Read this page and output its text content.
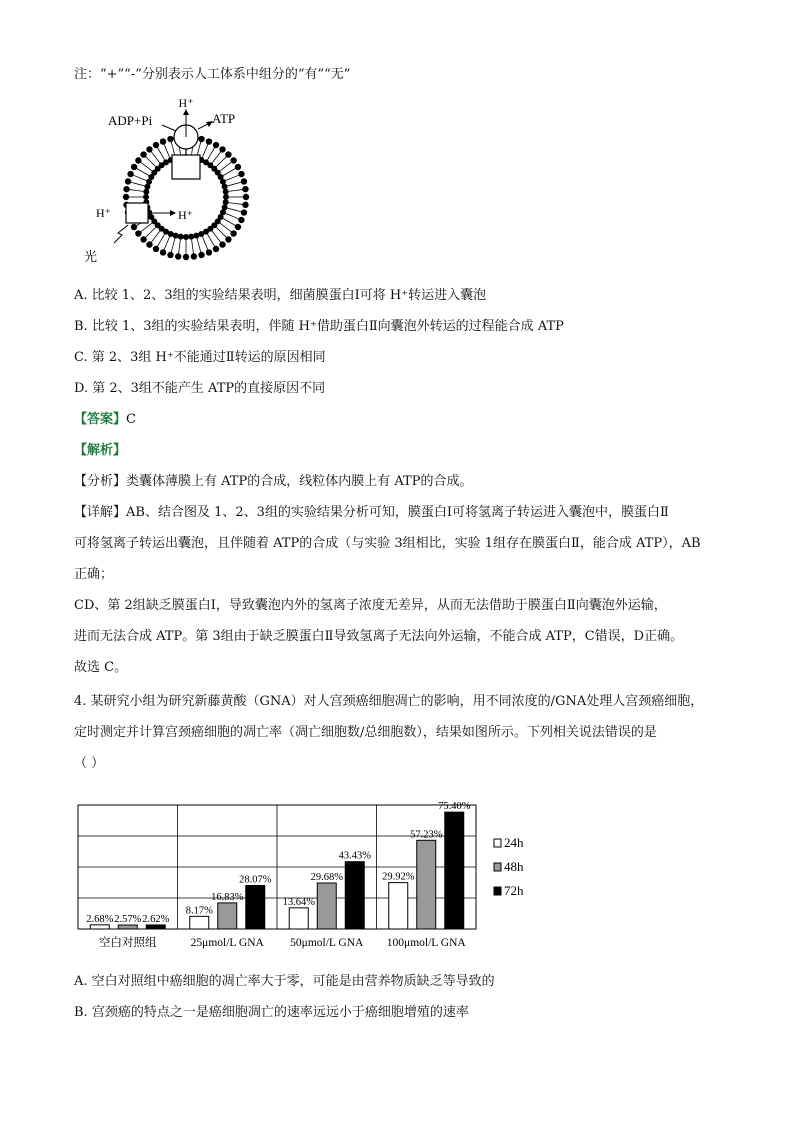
注：“+”“-”分别表示人工体系中组分的“有”“无”
H⁺
ADP+Pi	ATP
H⁺	H⁺
光
A. 比较 1、2、3组的实验结果表明，细菌膜蛋白Ⅰ可将 H⁺转运进入囊泡
B. 比较 1、3组的实验结果表明，伴随 H⁺借助蛋白Ⅱ向囊泡外转运的过程能合成 ATP
C. 第 2、3组 H⁺不能通过Ⅱ转运的原因相同
D. 第 2、3组不能产生 ATP的直接原因不同
【答案】C
【解析】
【分析】类囊体薄膜上有 ATP的合成，线粒体内膜上有 ATP的合成。
【详解】AB、结合图及 1、2、3组的实验结果分析可知，膜蛋白Ⅰ可将氢离子转运进入囊泡中，膜蛋白Ⅱ
可将氢离子转运出囊泡，且伴随着 ATP的合成（与实验 3组相比，实验 1组存在膜蛋白Ⅱ，能合成 ATP），AB
正确；
CD、第 2组缺乏膜蛋白Ⅰ，导致囊泡内外的氢离子浓度无差异，从而无法借助于膜蛋白Ⅱ向囊泡外运输，
进而无法合成 ATP。第 3组由于缺乏膜蛋白Ⅱ导致氢离子无法向外运输，不能合成 ATP，C错误，D正确。
故选 C。
4. 某研究小组为研究新藤黄酸（GNA）对人宫颈癌细胞凋亡的影响，用不同浓度的/GNA处理人宫颈癌细胞，
定时测定并计算宫颈癌细胞的凋亡率（凋亡细胞数/总细胞数），结果如图所示。下列相关说法错误的是
（ ）
2.68% 2.57% 2.62%
空白对照组
8.17%
16.83%
28.07%
25μmol/L GNA
13.64%
29.68%
43.43%
50μmol/L GNA
29.92%
57.23%
75.40%
100μmol/L GNA
24h
48h
72h
A. 空白对照组中癌细胞的凋亡率大于零，可能是由营养物质缺乏等导致的
B. 宫颈癌的特点之一是癌细胞凋亡的速率远远小于癌细胞增殖的速率
